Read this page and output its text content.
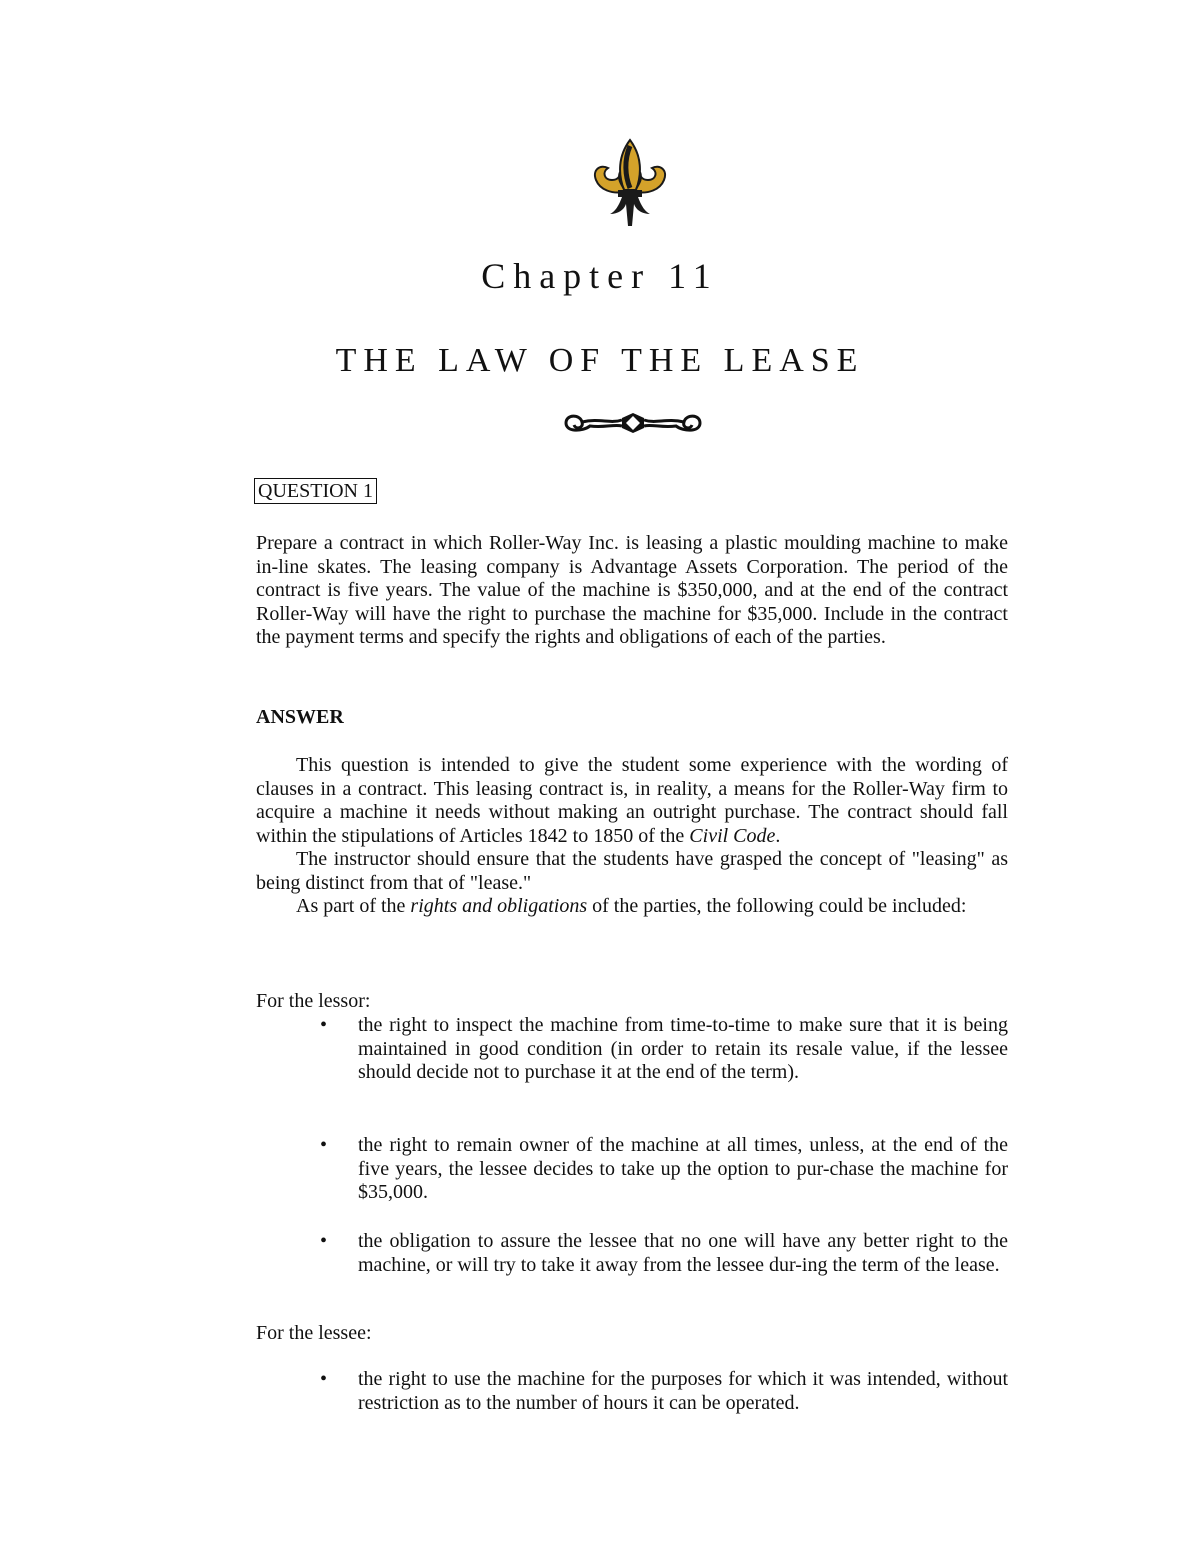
Chapter 11
THE LAW OF THE LEASE
QUESTION 1
Prepare a contract in which Roller-Way Inc. is leasing a plastic moulding machine to make in-line skates. The leasing company is Advantage Assets Corporation. The period of the contract is five years. The value of the machine is $350,000, and at the end of the contract Roller-Way will have the right to purchase the machine for $35,000. Include in the contract the payment terms and specify the rights and obligations of each of the parties.
ANSWER

This question is intended to give the student some experience with the wording of clauses in a contract. This leasing contract is, in reality, a means for the Roller-Way firm to acquire a machine it needs without making an outright purchase. The contract should fall within the stipulations of Articles 1842 to 1850 of the Civil Code.

The instructor should ensure that the students have grasped the concept of "leasing" as being distinct from that of "lease."

As part of the rights and obligations of the parties, the following could be included:

For the lessor:
• the right to inspect the machine from time-to-time to make sure that it is being maintained in good condition (in order to retain its resale value, if the lessee should decide not to purchase it at the end of the term).
• the right to remain owner of the machine at all times, unless, at the end of the five years, the lessee decides to take up the option to pur-chase the machine for $35,000.
• the obligation to assure the lessee that no one will have any better right to the machine, or will try to take it away from the lessee dur-ing the term of the lease.
For the lessee:
• the right to use the machine for the purposes for which it was intended, without restriction as to the number of hours it can be operated.
